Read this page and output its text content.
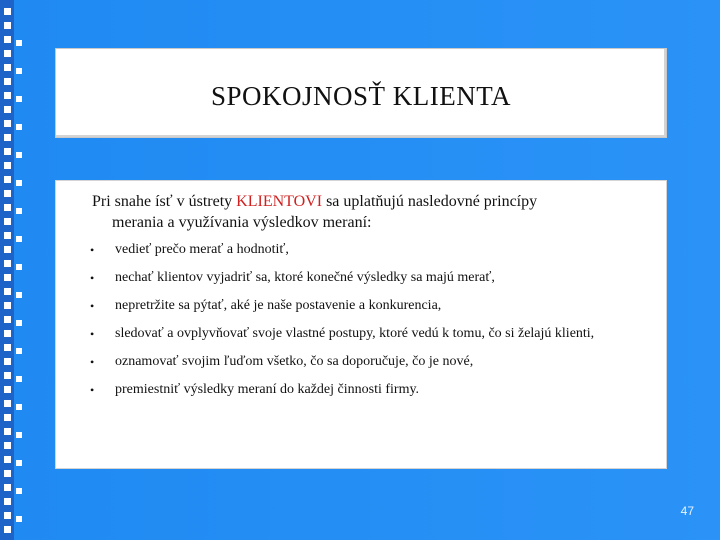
SPOKOJNOSŤ KLIENTA
Pri snahe ísť v ústrety KLIENTOVI sa uplatňujú nasledovné princípy
merania a využívania výsledkov meraní:
• vedieť prečo merať a hodnotiť,
• nechať klientov vyjadriť sa, ktoré konečné výsledky sa majú merať,
• nepretržite sa pýtať, aké je naše postavenie a konkurencia,
• sledovať a ovplyvňovať svoje vlastné postupy, ktoré vedú k tomu, čo si želajú klienti,
• oznamovať svojim ľuďom všetko, čo sa doporučuje, čo je nové,
• premiestniť výsledky meraní do každej činnosti firmy.
47
